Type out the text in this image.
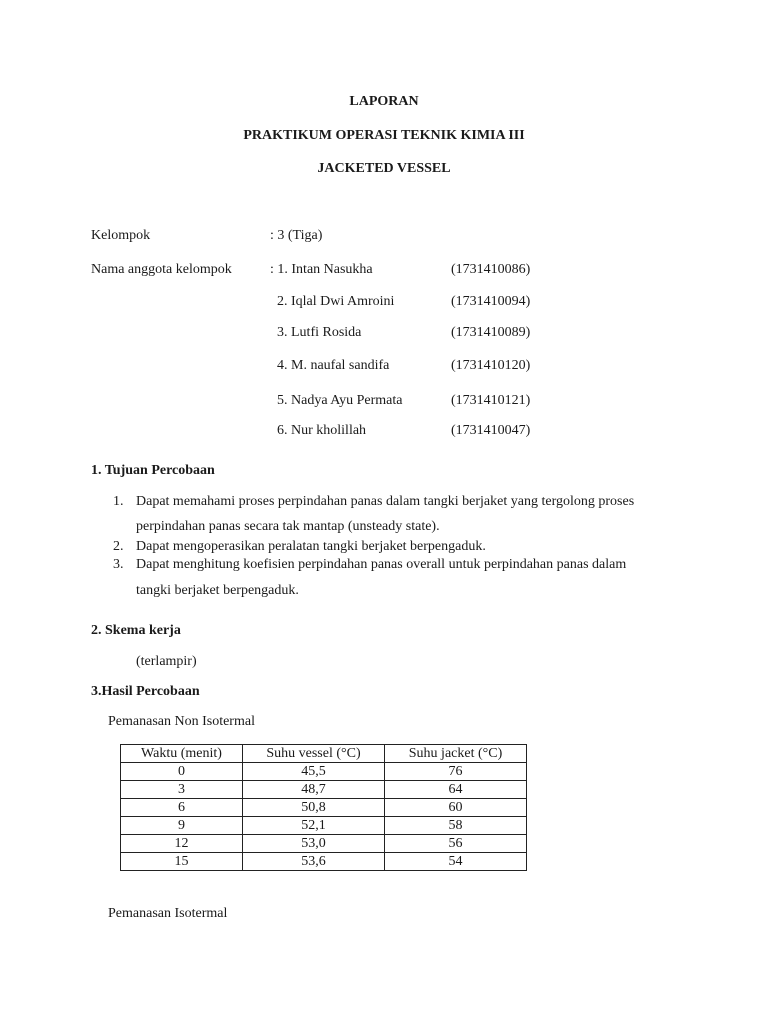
LAPORAN
PRAKTIKUM OPERASI TEKNIK KIMIA III
JACKETED VESSEL
Kelompok	: 3 (Tiga)
Nama anggota kelompok	: 1. Intan Nasukha	(1731410086)
2. Iqlal Dwi Amroini	(1731410094)
3. Lutfi Rosida	(1731410089)
4. M. naufal sandifa	(1731410120)
5. Nadya Ayu Permata	(1731410121)
6. Nur kholillah	(1731410047)
1. Tujuan Percobaan
1. Dapat memahami proses perpindahan panas dalam tangki berjaket yang tergolong proses
perpindahan panas secara tak mantap (unsteady state).
2. Dapat mengoperasikan peralatan tangki berjaket berpengaduk.
3. Dapat menghitung koefisien perpindahan panas overall untuk perpindahan panas dalam
tangki berjaket berpengaduk.
2. Skema kerja
(terlampir)
3.Hasil Percobaan
Pemanasan Non Isotermal
Waktu (menit)	Suhu vessel (°C)	Suhu jacket (°C)
0	45,5	76
3	48,7	64
6	50,8	60
9	52,1	58
12	53,0	56
15	53,6	54
Pemanasan Isotermal
